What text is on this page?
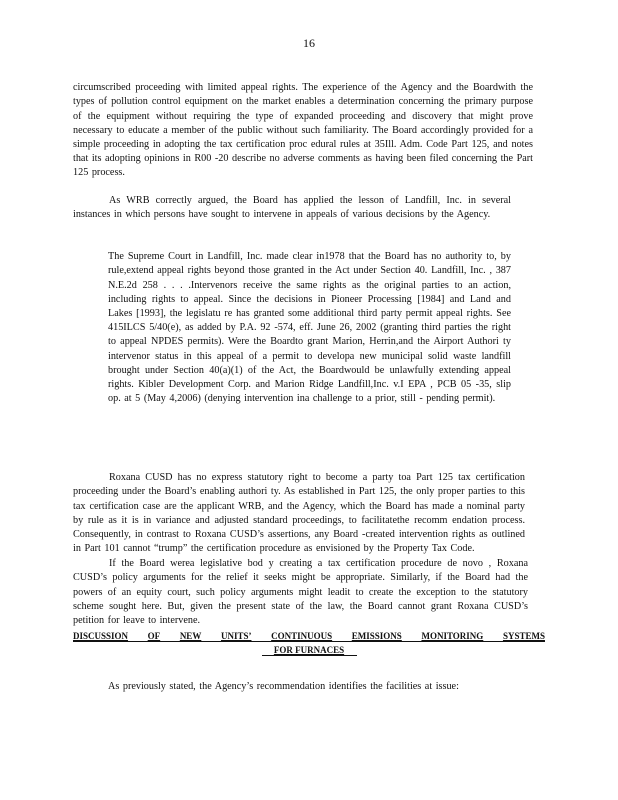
16

circumscribed proceeding with limited appeal rights. The experience of the Agency and the Boardwith the types of pollution control equipment on the market enables a determination concerning the primary purpose of the equipment without requiring the type of expanded proceeding and discovery that might prove necessary to educate a member of the public without such familiarity. The Board accordingly provided for a simple proceeding in adopting the tax certification proc edural rules at 35Ill. Adm. Code Part 125, and notes that its adopting opinions in R00 -20 describe no adverse comments as having been filed concerning the Part 125 process.

As WRB correctly argued, the Board has applied the lesson of Landfill, Inc. in several instances in which persons have sought to intervene in appeals of various decisions by the Agency.

The Supreme Court in Landfill, Inc. made clear in1978 that the Board has no authority to, by rule,extend appeal rights beyond those granted in the Act under Section 40. Landfill, Inc. , 387 N.E.2d 258 . . . .Intervenors receive the same rights as the original parties to an action, including rights to appeal. Since the decisions in Pioneer Processing [1984] and Land and Lakes [1993], the legislatu re has granted some additional third party permit appeal rights. See 415ILCS 5/40(e), as added by P.A. 92 -574, eff. June 26, 2002 (granting third parties the right to appeal NPDES permits). Were the Boardto grant Marion, Herrin,and the Airport Authori ty intervenor status in this appeal of a permit to developa new municipal solid waste landfill brought under Section 40(a)(1) of the Act, the Boardwould be unlawfully extending appeal rights. Kibler Development Corp. and Marion Ridge Landfill,Inc. v.I EPA , PCB 05 -35, slip op. at 5 (May 4,2006) (denying intervention ina challenge to a prior, still - pending permit).

Roxana CUSD has no express statutory right to become a party toa Part 125 tax certification proceeding under the Board’s enabling authori ty. As established in Part 125, the only proper parties to this tax certification case are the applicant WRB, and the Agency, which the Board has made a nominal party by rule as it is in variance and adjusted standard proceedings, to facilitatethe recomm endation process. Consequently, in contrast to Roxana CUSD’s assertions, any Board -created intervention rights as outlined in Part 101 cannot “trump” the certification procedure as envisioned by the Property Tax Code.

If the Board werea legislative bod y creating a tax certification procedure de novo , Roxana CUSD’s policy arguments for the relief it seeks might be appropriate. Similarly, if the Board had the powers of an equity court, such policy arguments might leadit to create the exception to the statutory scheme sought here. But, given the present state of the law, the Board cannot grant Roxana CUSD’s petition for leave to intervene.

DISCUSSION OF NEW UNITS’ CONTINUOUS EMISSIONS MONITORING SYSTEMS
FOR FURNACES

As previously stated, the Agency’s recommendation identifies the facilities at issue:
